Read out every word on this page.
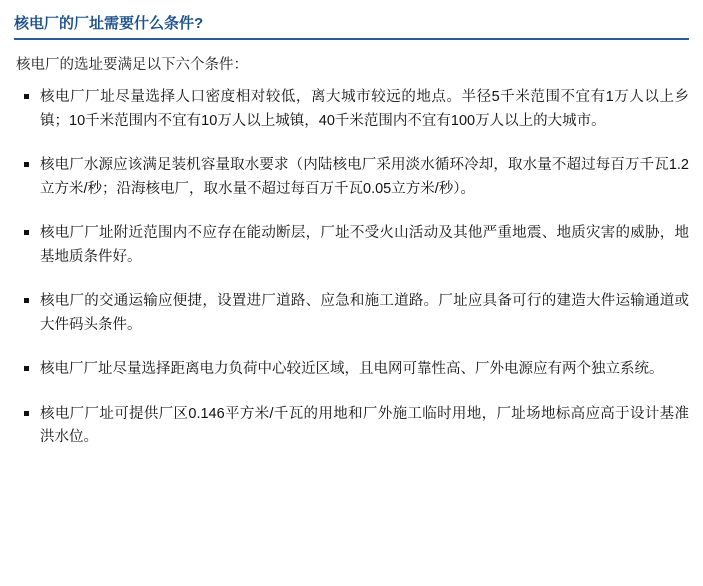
核电厂的厂址需要什么条件?

核电厂的选址要满足以下六个条件：

核电厂厂址尽量选择人口密度相对较低，离大城市较远的地点。半径5千米范围不宜有1万人以上乡镇；10千米范围内不宜有10万人以上城镇，40千米范围内不宜有100万人以上的大城市。
核电厂水源应该满足装机容量取水要求（内陆核电厂采用淡水循环冷却，取水量不超过每百万千瓦1.2立方米/秒；沿海核电厂，取水量不超过每百万千瓦0.05立方米/秒）。
核电厂厂址附近范围内不应存在能动断层，厂址不受火山活动及其他严重地震、地质灾害的威胁，地基地质条件好。
核电厂的交通运输应便捷，设置进厂道路、应急和施工道路。厂址应具备可行的建造大件运输通道或大件码头条件。
核电厂厂址尽量选择距离电力负荷中心较近区域，且电网可靠性高、厂外电源应有两个独立系统。
核电厂厂址可提供厂区0.146平方米/千瓦的用地和厂外施工临时用地，厂址场地标高应高于设计基准洪水位。
